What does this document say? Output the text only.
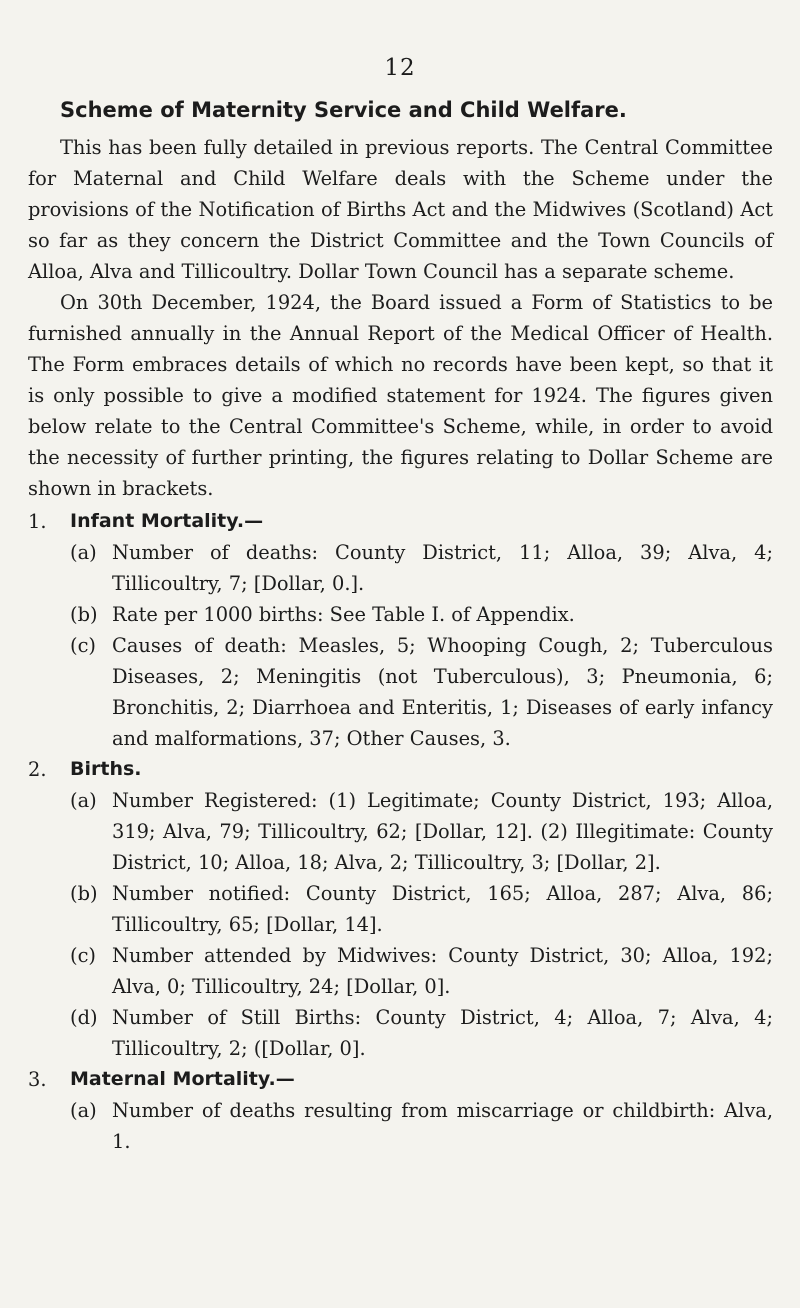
12
Scheme of Maternity Service and Child Welfare.

This has been fully detailed in previous reports. The Central Committee for Maternal and Child Welfare deals with the Scheme under the provisions of the Notification of Births Act and the Midwives (Scotland) Act so far as they concern the District Committee and the Town Councils of Alloa, Alva and Tillicoultry. Dollar Town Council has a separate scheme.

On 30th December, 1924, the Board issued a Form of Statistics to be furnished annually in the Annual Report of the Medical Officer of Health. The Form embraces details of which no records have been kept, so that it is only possible to give a modified statement for 1924. The figures given below relate to the Central Committee's Scheme, while, in order to avoid the necessity of further printing, the figures relating to Dollar Scheme are shown in brackets.

1. Infant Mortality.—
(a) Number of deaths: County District, 11; Alloa, 39; Alva, 4; Tillicoultry, 7; [Dollar, 0.].
(b) Rate per 1000 births: See Table I. of Appendix.
(c) Causes of death: Measles, 5; Whooping Cough, 2; Tuberculous Diseases, 2; Meningitis (not Tuberculous), 3; Pneumonia, 6; Bronchitis, 2; Diarrhoea and Enteritis, 1; Diseases of early infancy and malformations, 37; Other Causes, 3.
2. Births.
(a) Number Registered: (1) Legitimate; County District, 193; Alloa, 319; Alva, 79; Tillicoultry, 62; [Dollar, 12]. (2) Illegitimate: County District, 10; Alloa, 18; Alva, 2; Tillicoultry, 3; [Dollar, 2].
(b) Number notified: County District, 165; Alloa, 287; Alva, 86; Tillicoultry, 65; [Dollar, 14].
(c) Number attended by Midwives: County District, 30; Alloa, 192; Alva, 0; Tillicoultry, 24; [Dollar, 0].
(d) Number of Still Births: County District, 4; Alloa, 7; Alva, 4; Tillicoultry, 2; ([Dollar, 0].
3. Maternal Mortality.—
(a) Number of deaths resulting from miscarriage or childbirth: Alva, 1.
